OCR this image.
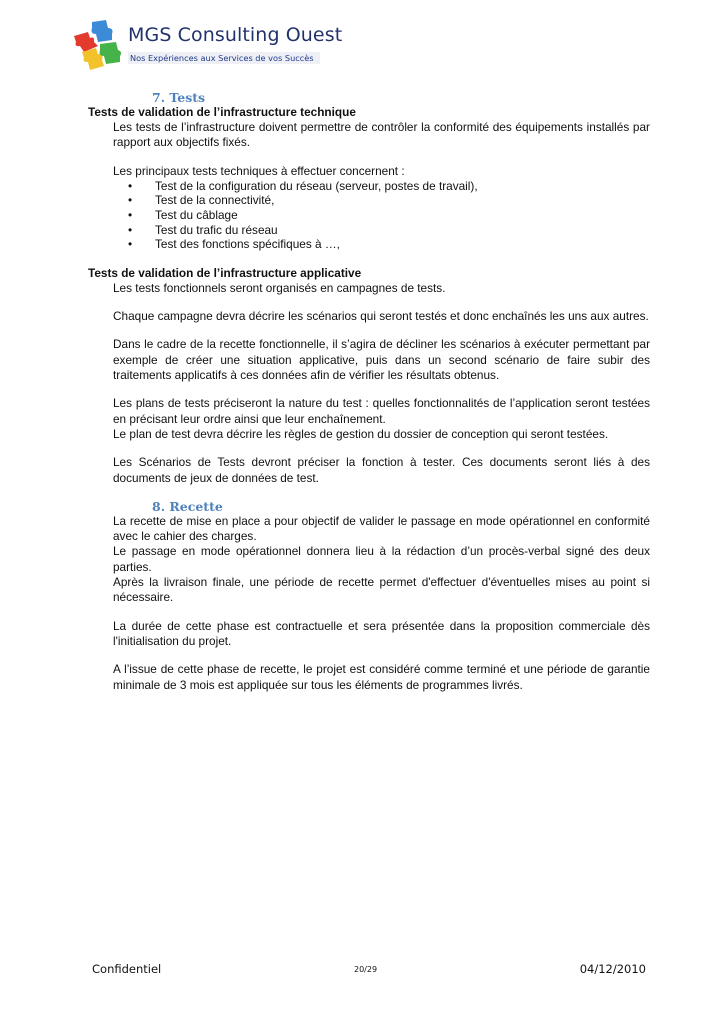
MGS Consulting Ouest
Nos Expériences aux Services de vos Succès
7. Tests
Tests de validation de l’infrastructure technique

Les tests de l’infrastructure doivent permettre de contrôler la conformité des équipements installés par rapport aux objectifs fixés.

Les principaux tests techniques à effectuer concernent :

• Test de la configuration du réseau (serveur, postes de travail),
• Test de la connectivité,
• Test du câblage
• Test du trafic du réseau
• Test des fonctions spécifiques à …,
Tests de validation de l’infrastructure applicative

Les tests fonctionnels seront organisés en campagnes de tests.

Chaque campagne devra décrire les scénarios qui seront testés et donc enchaînés les uns aux autres.

Dans le cadre de la recette fonctionnelle, il s’agira de décliner les scénarios à exécuter permettant par exemple de créer une situation applicative, puis dans un second scénario de faire subir des traitements applicatifs à ces données afin de vérifier les résultats obtenus.

Les plans de tests préciseront la nature du test : quelles fonctionnalités de l’application seront testées en précisant leur ordre ainsi que leur enchaînement.

Le plan de test devra décrire les règles de gestion du dossier de conception qui seront testées.

Les Scénarios de Tests devront préciser la fonction à tester. Ces documents seront liés à des documents de jeux de données de test.

8. Recette

La recette de mise en place a pour objectif de valider le passage en mode opérationnel en conformité avec le cahier des charges.

Le passage en mode opérationnel donnera lieu à la rédaction d’un procès-verbal signé des deux parties.

Après la livraison finale, une période de recette permet d'effectuer d'éventuelles mises au point si nécessaire.

La durée de cette phase est contractuelle et sera présentée dans la proposition commerciale dès l'initialisation du projet.

A l’issue de cette phase de recette, le projet est considéré comme terminé et une période de garantie minimale de 3 mois est appliquée sur tous les éléments de programmes livrés.

Confidentiel	20/29	04/12/2010
